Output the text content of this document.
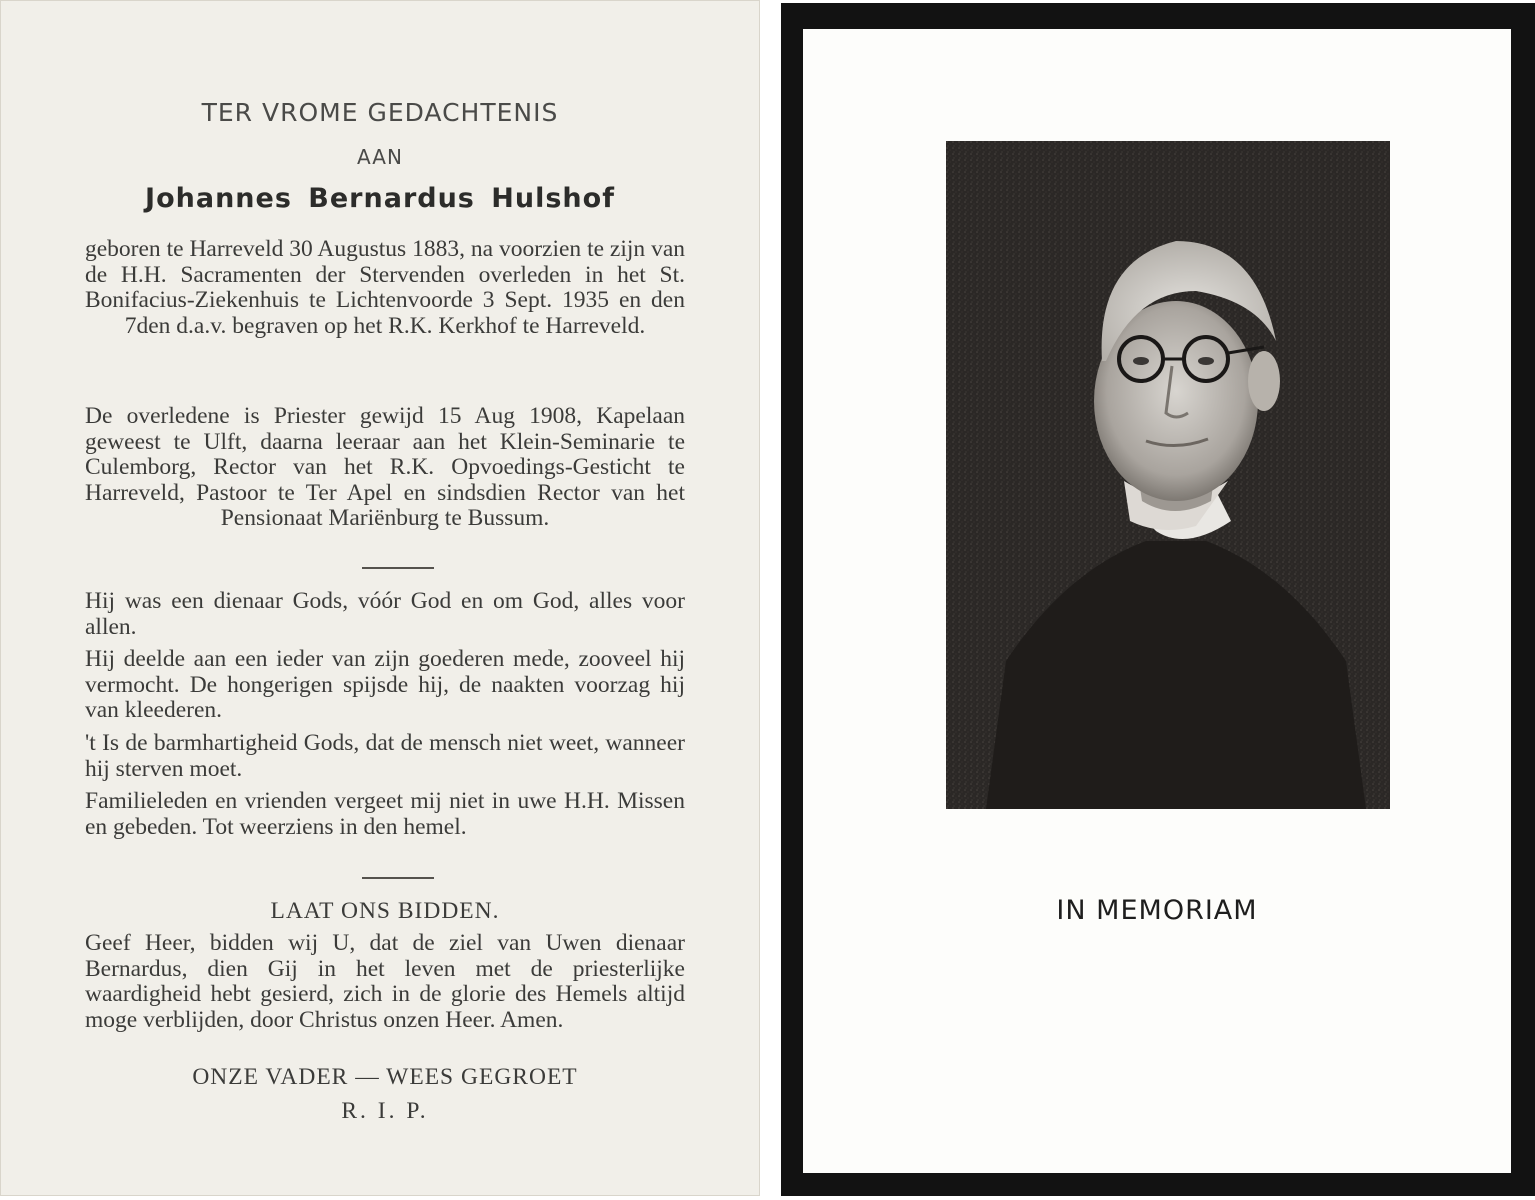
TER VROME GEDACHTENIS
AAN
Johannes Bernardus Hulshof

geboren te Harreveld 30 Augustus 1883, na voorzien te zijn van de H.H. Sacramenten der Stervenden overleden in het St. Bonifacius-Ziekenhuis te Lichtenvoorde 3 Sept. 1935 en den 7den d.a.v. begraven op het R.K. Kerkhof te Harreveld.

De overledene is Priester gewijd 15 Aug 1908, Kapelaan geweest te Ulft, daarna leeraar aan het Klein-Seminarie te Culemborg, Rector van het R.K. Opvoedings-Gesticht te Harreveld, Pastoor te Ter Apel en sindsdien Rector van het Pensionaat Mariënburg te Bussum.

Hij was een dienaar Gods, vóór God en om God, alles voor allen.

Hij deelde aan een ieder van zijn goederen mede, zooveel hij vermocht. De hongerigen spijsde hij, de naakten voorzag hij van kleederen.

't Is de barmhartigheid Gods, dat de mensch niet weet, wanneer hij sterven moet.

Familieleden en vrienden vergeet mij niet in uwe H.H. Missen en gebeden. Tot weerziens in den hemel.

LAAT ONS BIDDEN.

Geef Heer, bidden wij U, dat de ziel van Uwen dienaar Bernardus, dien Gij in het leven met de priesterlijke waardigheid hebt gesierd, zich in de glorie des Hemels altijd moge verblijden, door Christus onzen Heer. Amen.

ONZE VADER — WEES GEGROET
R. I. P.
IN MEMORIAM
